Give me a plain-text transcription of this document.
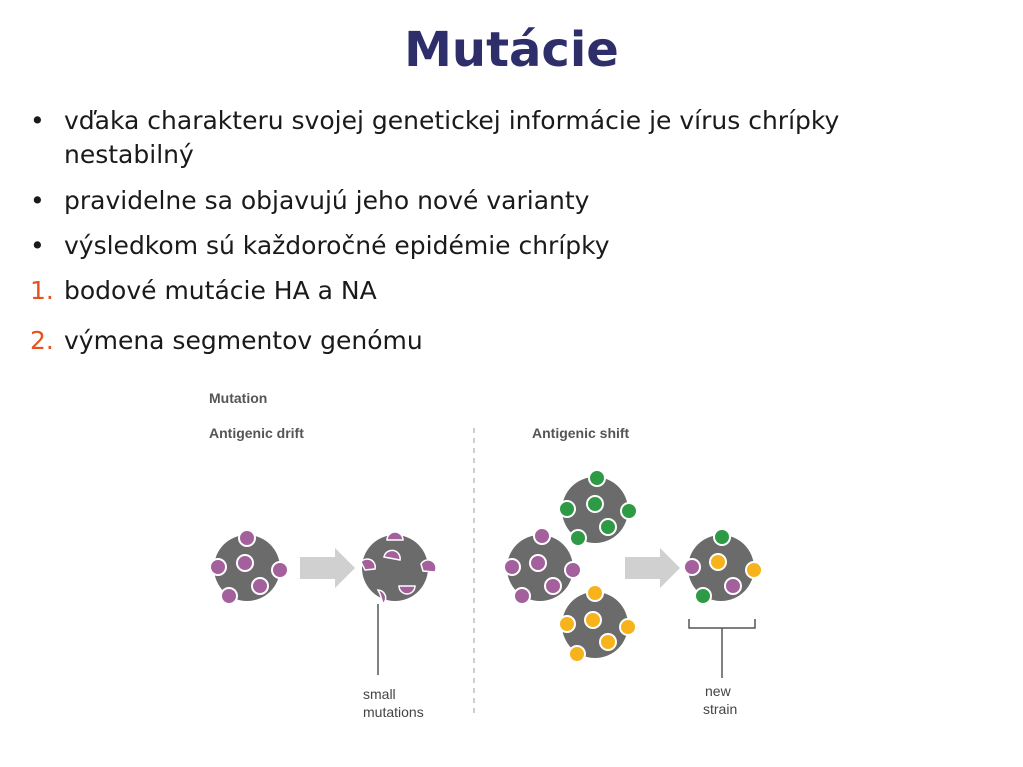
Mutácie
• vďaka charakteru svojej genetickej informácie je vírus chrípky
nestabilný
• pravidelne sa objavujú jeho nové varianty
• výsledkom sú každoročné epidémie chrípky
1. bodové mutácie HA a NA
2. výmena segmentov genómu
Mutation
Antigenic drift	Antigenic shift
small
mutations
new
strain
